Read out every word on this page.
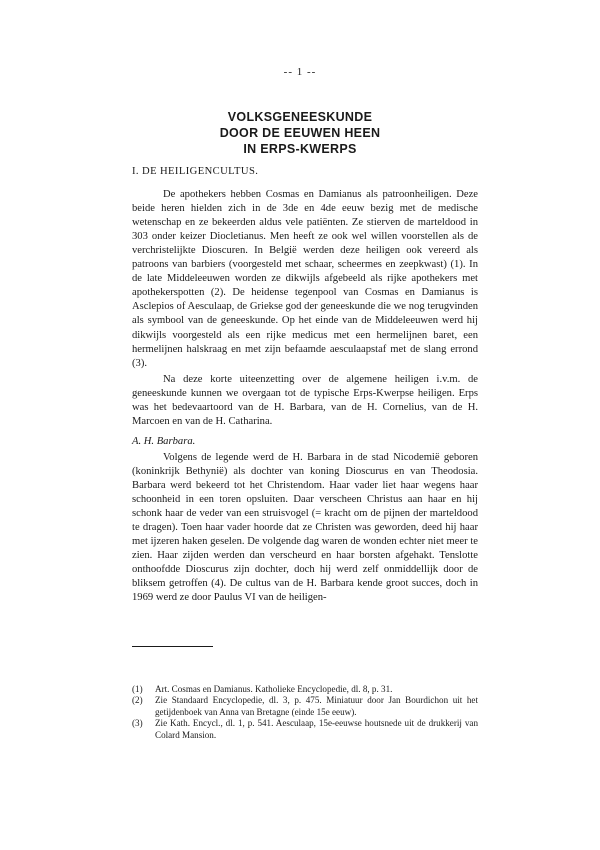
-- 1 --
VOLKSGENEESKUNDE
DOOR DE EEUWEN HEEN
IN ERPS-KWERPS
I. DE HEILIGENCULTUS.

De apothekers hebben Cosmas en Damianus als patroonheiligen. Deze beide heren hielden zich in de 3de en 4de eeuw bezig met de medische wetenschap en ze bekeerden aldus vele patiënten. Ze stierven de marteldood in 303 onder keizer Diocletianus. Men heeft ze ook wel willen voorstellen als de verchristelijkte Dioscuren. In België werden deze heiligen ook vereerd als patroons van barbiers (voorgesteld met schaar, scheermes en zeepkwast) (1). In de late Middeleeuwen worden ze dikwijls afgebeeld als rijke apothekers met apothekerspotten (2). De heidense tegenpool van Cosmas en Damianus is Asclepios of Aesculaap, de Griekse god der geneeskunde die we nog terugvinden als symbool van de geneeskunde. Op het einde van de Middeleeuwen werd hij dikwijls voorgesteld als een rijke medicus met een hermelijnen baret, een hermelijnen halskraag en met zijn befaamde aesculaapstaf met de slang errond (3).

Na deze korte uiteenzetting over de algemene heiligen i.v.m. de geneeskunde kunnen we overgaan tot de typische Erps-Kwerpse heiligen. Erps was het bedevaartoord van de H. Barbara, van de H. Cornelius, van de H. Marcoen en van de H. Catharina.

A. H. Barbara.

Volgens de legende werd de H. Barbara in de stad Nicodemië geboren (koninkrijk Bethynië) als dochter van koning Dioscurus en van Theodosia. Barbara werd bekeerd tot het Christendom. Haar vader liet haar wegens haar schoonheid in een toren opsluiten. Daar verscheen Christus aan haar en hij schonk haar de veder van een struisvogel (= kracht om de pijnen der marteldood te dragen). Toen haar vader hoorde dat ze Christen was geworden, deed hij haar met ijzeren haken geselen. De volgende dag waren de wonden echter niet meer te zien. Haar zijden werden dan verscheurd en haar borsten afgehakt. Tenslotte onthoofdde Dioscurus zijn dochter, doch hij werd zelf onmiddellijk door de bliksem getroffen (4). De cultus van de H. Barbara kende groot succes, doch in 1969 werd ze door Paulus VI van de heiligen-

(1)	Art. Cosmas en Damianus. Katholieke Encyclopedie, dl. 8, p. 31.
(2)	Zie Standaard Encyclopedie, dl. 3, p. 475. Miniatuur door Jan Bourdichon uit het getijdenboek van Anna van Bretagne (einde 15e eeuw).
(3)	Zie Kath. Encycl., dl. 1, p. 541. Aesculaap, 15e-eeuwse houtsnede uit de drukkerij van Colard Mansion.
